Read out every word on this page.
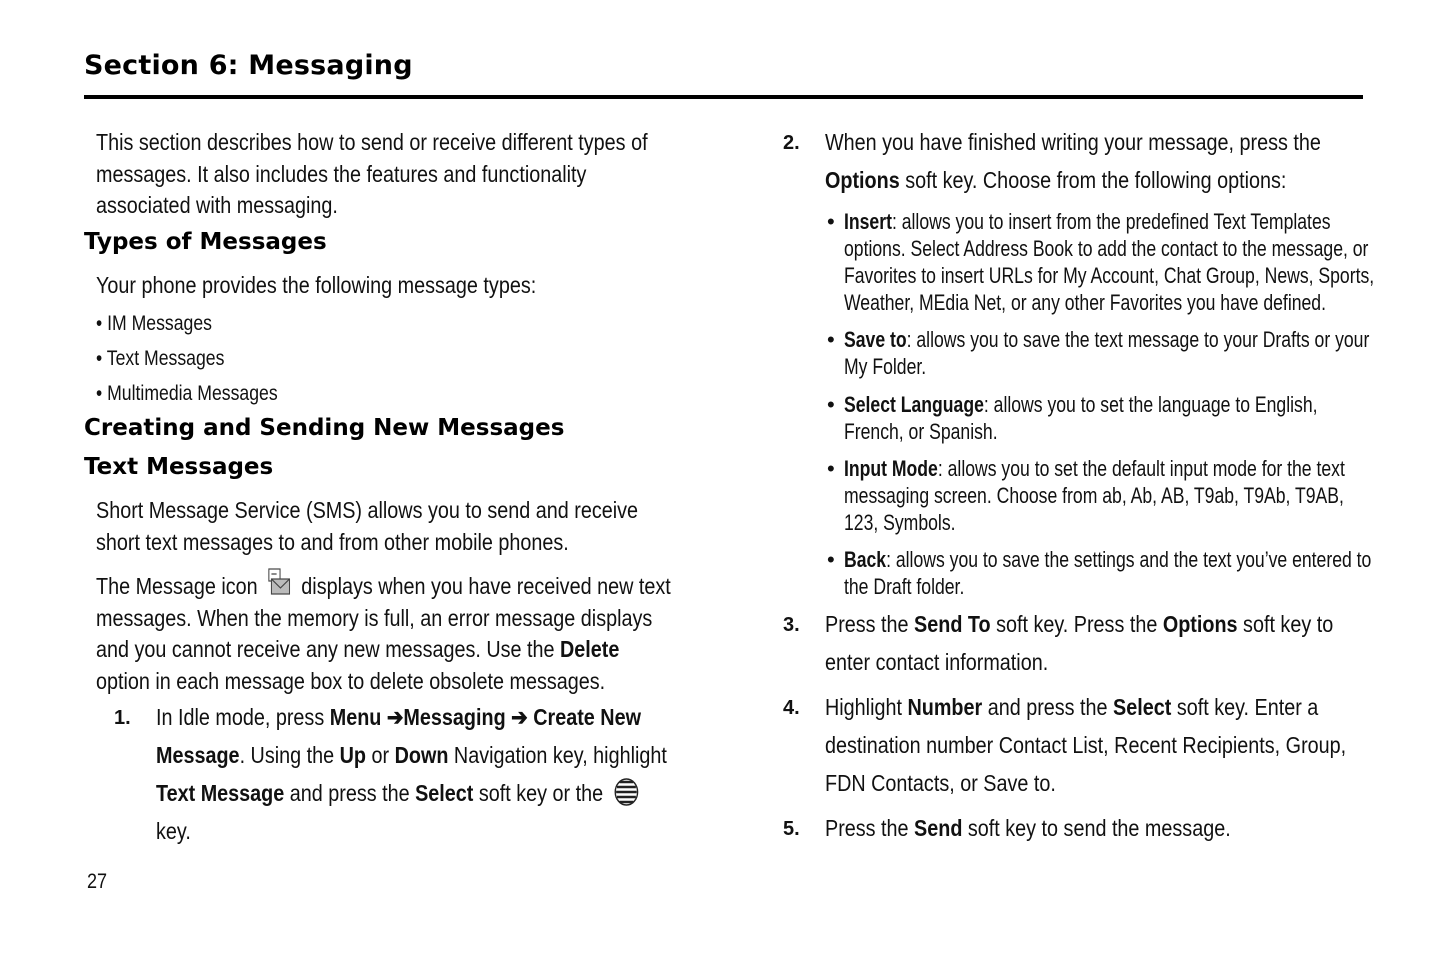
Section 6: Messaging
This section describes how to send or receive different types of
messages. It also includes the features and functionality
associated with messaging.
Types of Messages
Your phone provides the following message types:
• IM Messages
• Text Messages
• Multimedia Messages
Creating and Sending New Messages
Text Messages
Short Message Service (SMS) allows you to send and receive
short text messages to and from other mobile phones.
The Message icon displays when you have received new text
messages. When the memory is full, an error message displays
and you cannot receive any new messages. Use the Delete
option in each message box to delete obsolete messages.
1. In Idle mode, press Menu ➔Messaging ➔ Create New
Message. Using the Up or Down Navigation key, highlight
Text Message and press the Select soft key or the
key.
2. When you have finished writing your message, press the
Options soft key. Choose from the following options:
• Insert: allows you to insert from the predefined Text Templates
options. Select Address Book to add the contact to the message, or
Favorites to insert URLs for My Account, Chat Group, News, Sports,
Weather, MEdia Net, or any other Favorites you have defined.
• Save to: allows you to save the text message to your Drafts or your
My Folder.
• Select Language: allows you to set the language to English,
French, or Spanish.
• Input Mode: allows you to set the default input mode for the text
messaging screen. Choose from ab, Ab, AB, T9ab, T9Ab, T9AB,
123, Symbols.
• Back: allows you to save the settings and the text you’ve entered to
the Draft folder.
3. Press the Send To soft key. Press the Options soft key to
enter contact information.
4. Highlight Number and press the Select soft key. Enter a
destination number Contact List, Recent Recipients, Group,
FDN Contacts, or Save to.
5. Press the Send soft key to send the message.
27
